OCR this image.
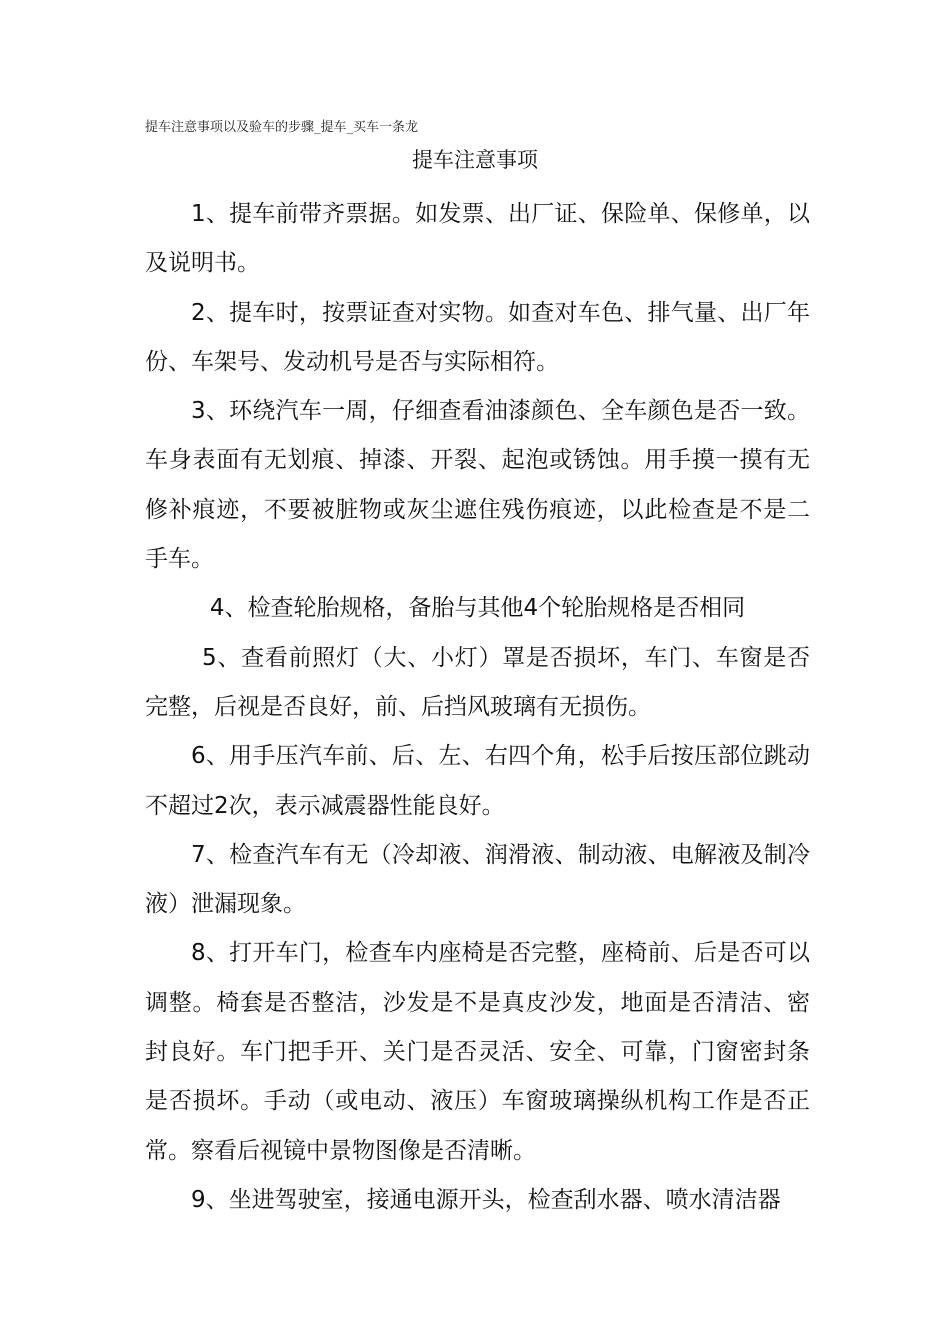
提车注意事项以及验车的步骤_提车_买车一条龙
提车注意事项

1、提车前带齐票据。如发票、出厂证、保险单、保修单，以及说明书。

2、提车时，按票证查对实物。如查对车色、排气量、出厂年份、车架号、发动机号是否与实际相符。

3、环绕汽车一周，仔细查看油漆颜色、全车颜色是否一致。车身表面有无划痕、掉漆、开裂、起泡或锈蚀。用手摸一摸有无修补痕迹，不要被脏物或灰尘遮住残伤痕迹，以此检查是不是二手车。

4、检查轮胎规格，备胎与其他4个轮胎规格是否相同

5、查看前照灯（大、小灯）罩是否损坏，车门、车窗是否完整，后视是否良好，前、后挡风玻璃有无损伤。

6、用手压汽车前、后、左、右四个角，松手后按压部位跳动不超过2次，表示减震器性能良好。

7、检查汽车有无（冷却液、润滑液、制动液、电解液及制冷液）泄漏现象。

8、打开车门，检查车内座椅是否完整，座椅前、后是否可以调整。椅套是否整洁，沙发是不是真皮沙发，地面是否清洁、密封良好。车门把手开、关门是否灵活、安全、可靠，门窗密封条是否损坏。手动（或电动、液压）车窗玻璃操纵机构工作是否正常。察看后视镜中景物图像是否清晰。

9、坐进驾驶室，接通电源开头，检查刮水器、喷水清洁器
